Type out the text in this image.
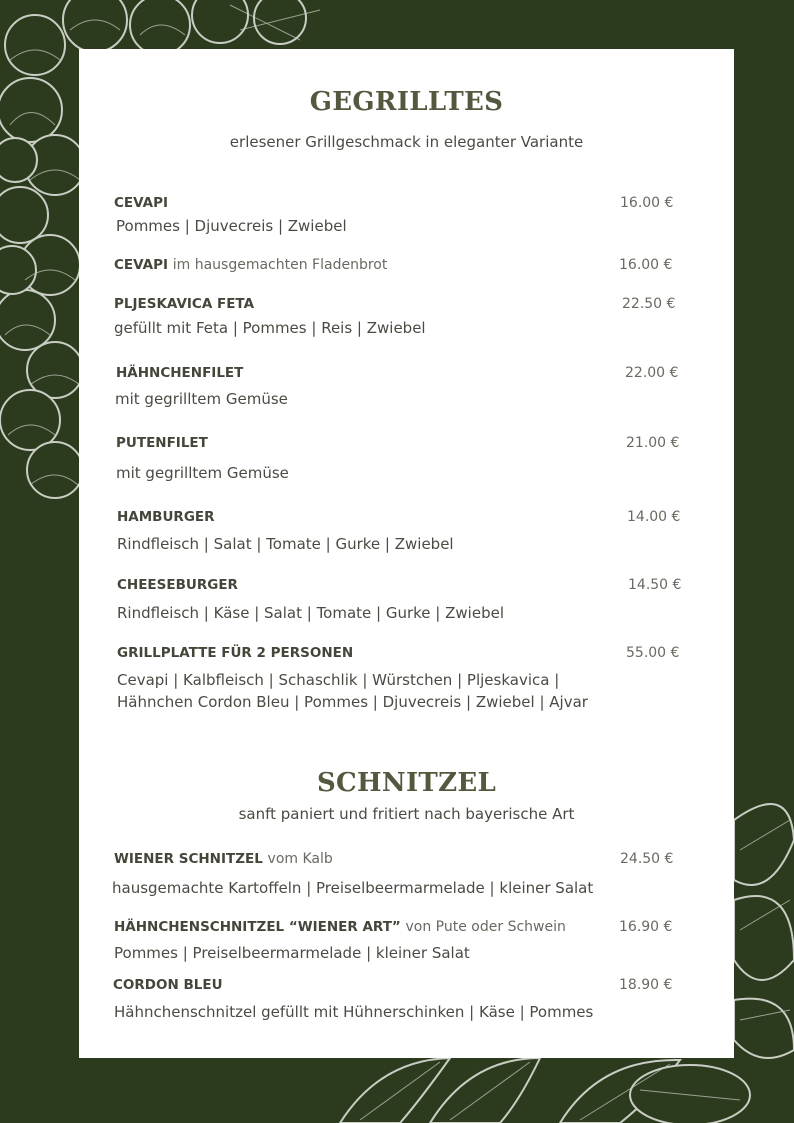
GEGRILLTES
erlesener Grillgeschmack in eleganter Variante
CEVAPI	16.00 €
Pommes | Djuvecreis | Zwiebel
CEVAPI im hausgemachten Fladenbrot	16.00 €
PLJESKAVICA FETA	22.50 €
gefüllt mit Feta | Pommes | Reis | Zwiebel
HÄHNCHENFILET	22.00 €
mit gegrilltem Gemüse
PUTENFILET	21.00 €
mit gegrilltem Gemüse
HAMBURGER	14.00 €
Rindfleisch | Salat | Tomate | Gurke | Zwiebel
CHEESEBURGER	14.50 €
Rindfleisch | Käse | Salat | Tomate | Gurke | Zwiebel
GRILLPLATTE FÜR 2 PERSONEN	55.00 €
Cevapi | Kalbfleisch | Schaschlik | Würstchen | Pljeskavica |
Hähnchen Cordon Bleu | Pommes | Djuvecreis | Zwiebel | Ajvar
SCHNITZEL
sanft paniert und fritiert nach bayerische Art
WIENER SCHNITZEL vom Kalb	24.50 €
hausgemachte Kartoffeln | Preiselbeermarmelade | kleiner Salat
HÄHNCHENSCHNITZEL “WIENER ART” von Pute oder Schwein	16.90 €
Pommes | Preiselbeermarmelade | kleiner Salat
CORDON BLEU	18.90 €
Hähnchenschnitzel gefüllt mit Hühnerschinken | Käse | Pommes
